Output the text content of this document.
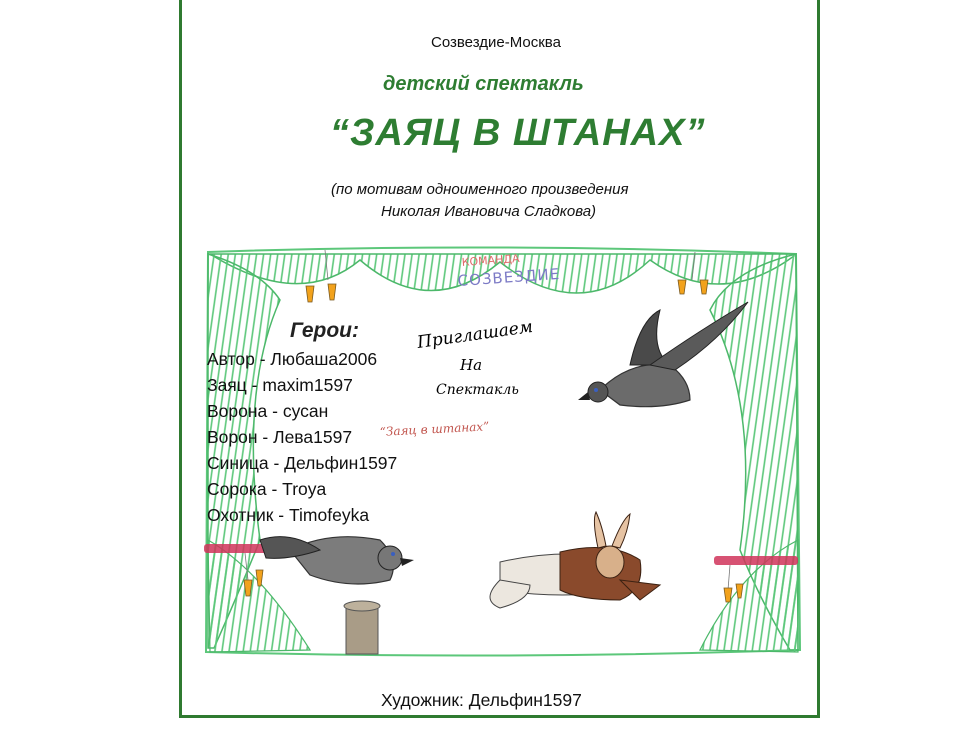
Созвездие-Москва
детский спектакль
“ЗАЯЦ В ШТАНАХ”
(по мотивам одноименного произведения
Николая Ивановича Сладкова)
КОМАНДА
СОЗВЕЗДИЕ
Приглашаем
На
Спектакль
“Заяц в штанах”
Герои:
Автор - Любаша2006
Заяц - maxim1597
Ворона - сусан
Ворон - Лева1597
Синица - Дельфин1597
Сорока - Troya
Охотник - Timofeyka
Художник: Дельфин1597
